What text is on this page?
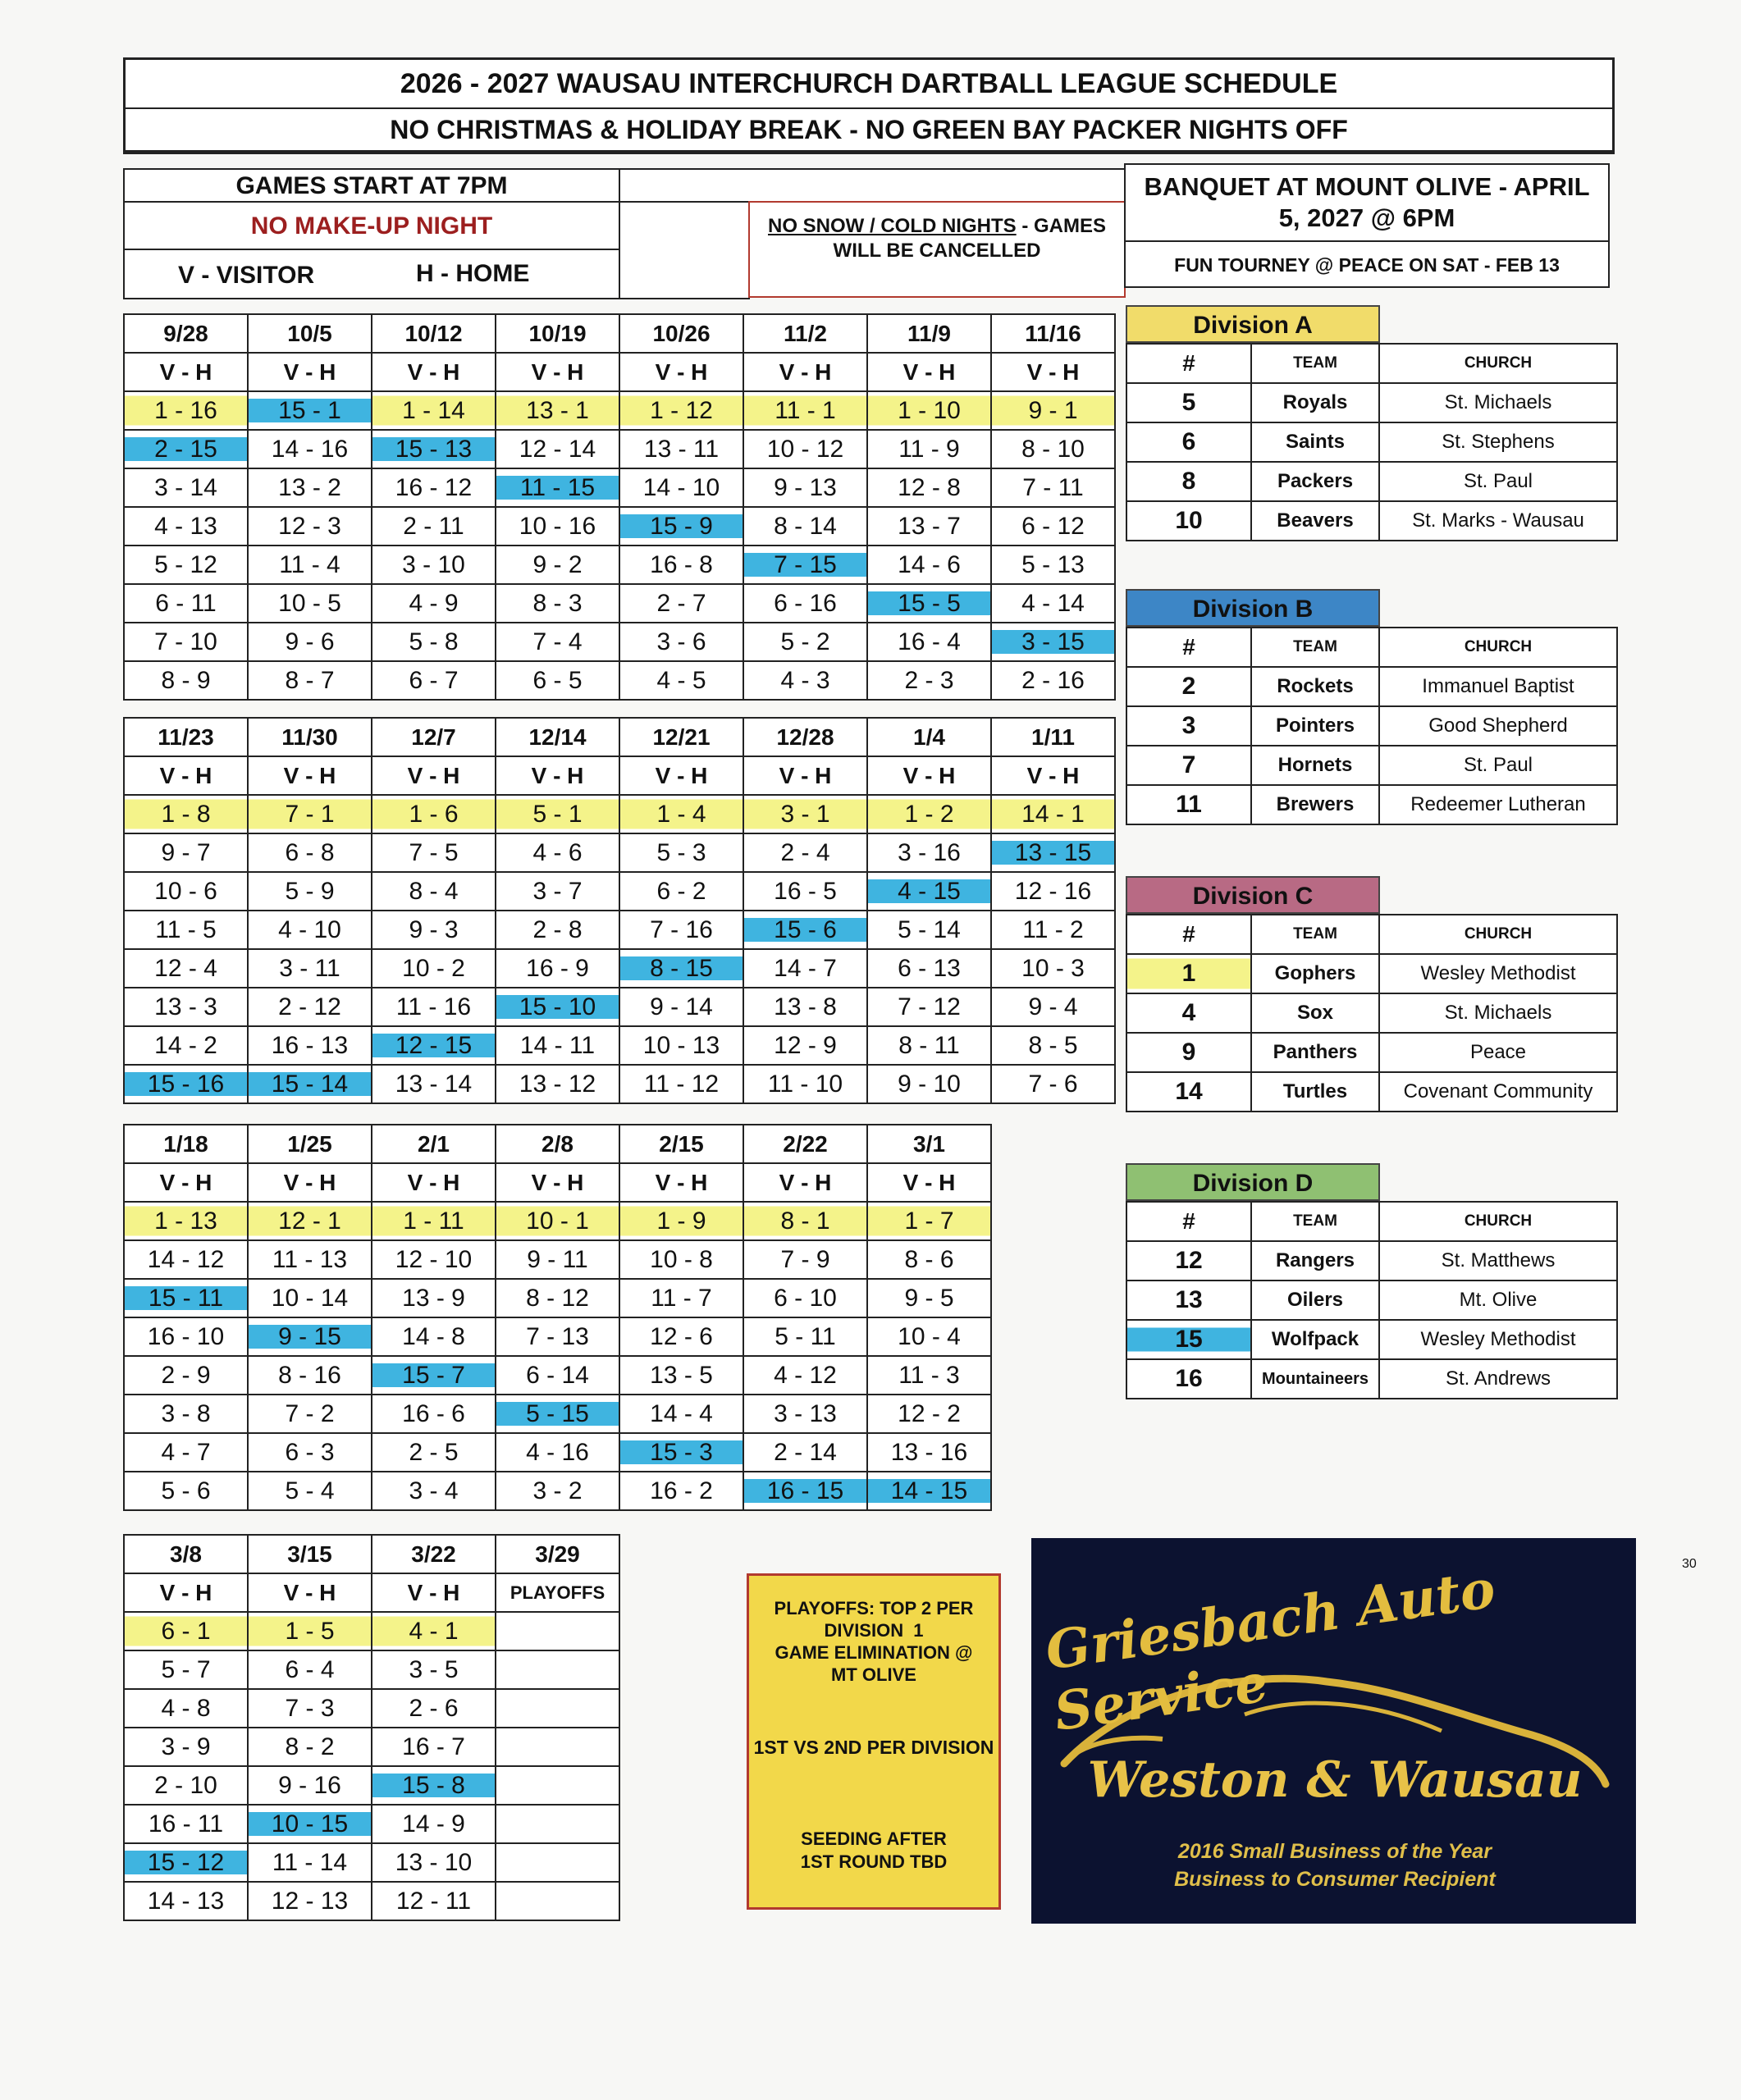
2026 - 2027 WAUSAU INTERCHURCH DARTBALL LEAGUE SCHEDULE
NO CHRISTMAS & HOLIDAY BREAK - NO GREEN BAY PACKER NIGHTS OFF
GAMES START AT 7PM
NO MAKE-UP NIGHT
V - VISITOR	H - HOME
NO SNOW / COLD NIGHTS - GAMES WILL BE CANCELLED
BANQUET AT MOUNT OLIVE - APRIL 5, 2027 @ 6PM
FUN TOURNEY @ PEACE ON SAT - FEB 13
9/28	10/5	10/12	10/19	10/26	11/2	11/9	11/16
V - H	V - H	V - H	V - H	V - H	V - H	V - H	V - H
1 - 16	15 - 1	1 - 14	13 - 1	1 - 12	11 - 1	1 - 10	9 - 1
2 - 15	14 - 16	15 - 13	12 - 14	13 - 11	10 - 12	11 - 9	8 - 10
3 - 14	13 - 2	16 - 12	11 - 15	14 - 10	9 - 13	12 - 8	7 - 11
4 - 13	12 - 3	2 - 11	10 - 16	15 - 9	8 - 14	13 - 7	6 - 12
5 - 12	11 - 4	3 - 10	9 - 2	16 - 8	7 - 15	14 - 6	5 - 13
6 - 11	10 - 5	4 - 9	8 - 3	2 - 7	6 - 16	15 - 5	4 - 14
7 - 10	9 - 6	5 - 8	7 - 4	3 - 6	5 - 2	16 - 4	3 - 15
8 - 9	8 - 7	6 - 7	6 - 5	4 - 5	4 - 3	2 - 3	2 - 16
11/23	11/30	12/7	12/14	12/21	12/28	1/4	1/11
V - H	V - H	V - H	V - H	V - H	V - H	V - H	V - H
1 - 8	7 - 1	1 - 6	5 - 1	1 - 4	3 - 1	1 - 2	14 - 1
9 - 7	6 - 8	7 - 5	4 - 6	5 - 3	2 - 4	3 - 16	13 - 15
10 - 6	5 - 9	8 - 4	3 - 7	6 - 2	16 - 5	4 - 15	12 - 16
11 - 5	4 - 10	9 - 3	2 - 8	7 - 16	15 - 6	5 - 14	11 - 2
12 - 4	3 - 11	10 - 2	16 - 9	8 - 15	14 - 7	6 - 13	10 - 3
13 - 3	2 - 12	11 - 16	15 - 10	9 - 14	13 - 8	7 - 12	9 - 4
14 - 2	16 - 13	12 - 15	14 - 11	10 - 13	12 - 9	8 - 11	8 - 5
15 - 16	15 - 14	13 - 14	13 - 12	11 - 12	11 - 10	9 - 10	7 - 6
1/18	1/25	2/1	2/8	2/15	2/22	3/1
V - H	V - H	V - H	V - H	V - H	V - H	V - H
1 - 13	12 - 1	1 - 11	10 - 1	1 - 9	8 - 1	1 - 7
14 - 12	11 - 13	12 - 10	9 - 11	10 - 8	7 - 9	8 - 6
15 - 11	10 - 14	13 - 9	8 - 12	11 - 7	6 - 10	9 - 5
16 - 10	9 - 15	14 - 8	7 - 13	12 - 6	5 - 11	10 - 4
2 - 9	8 - 16	15 - 7	6 - 14	13 - 5	4 - 12	11 - 3
3 - 8	7 - 2	16 - 6	5 - 15	14 - 4	3 - 13	12 - 2
4 - 7	6 - 3	2 - 5	4 - 16	15 - 3	2 - 14	13 - 16
5 - 6	5 - 4	3 - 4	3 - 2	16 - 2	16 - 15	14 - 15
3/8	3/15	3/22	3/29
V - H	V - H	V - H	PLAYOFFS
6 - 1	1 - 5	4 - 1	
5 - 7	6 - 4	3 - 5	
4 - 8	7 - 3	2 - 6	
3 - 9	8 - 2	16 - 7	
2 - 10	9 - 16	15 - 8	
16 - 11	10 - 15	14 - 9	
15 - 12	11 - 14	13 - 10	
14 - 13	12 - 13	12 - 11	
Division A
#	TEAM	CHURCH
5	Royals	St. Michaels
6	Saints	St. Stephens
8	Packers	St. Paul
10	Beavers	St. Marks - Wausau
Division B
#	TEAM	CHURCH
2	Rockets	Immanuel Baptist
3	Pointers	Good Shepherd
7	Hornets	St. Paul
11	Brewers	Redeemer Lutheran
Division C
#	TEAM	CHURCH
1	Gophers	Wesley Methodist
4	Sox	St. Michaels
9	Panthers	Peace
14	Turtles	Covenant Community
Division D
#	TEAM	CHURCH
12	Rangers	St. Matthews
13	Oilers	Mt. Olive
15	Wolfpack	Wesley Methodist
16	Mountaineers	St. Andrews
PLAYOFFS: TOP 2 PER DIVISION 1
GAME ELIMINATION @ MT OLIVE
1ST VS 2ND PER DIVISION
SEEDING AFTER 1ST ROUND TBD
Griesbach Auto Service
Weston & Wausau
2016 Small Business of the Year
Business to Consumer Recipient
30
